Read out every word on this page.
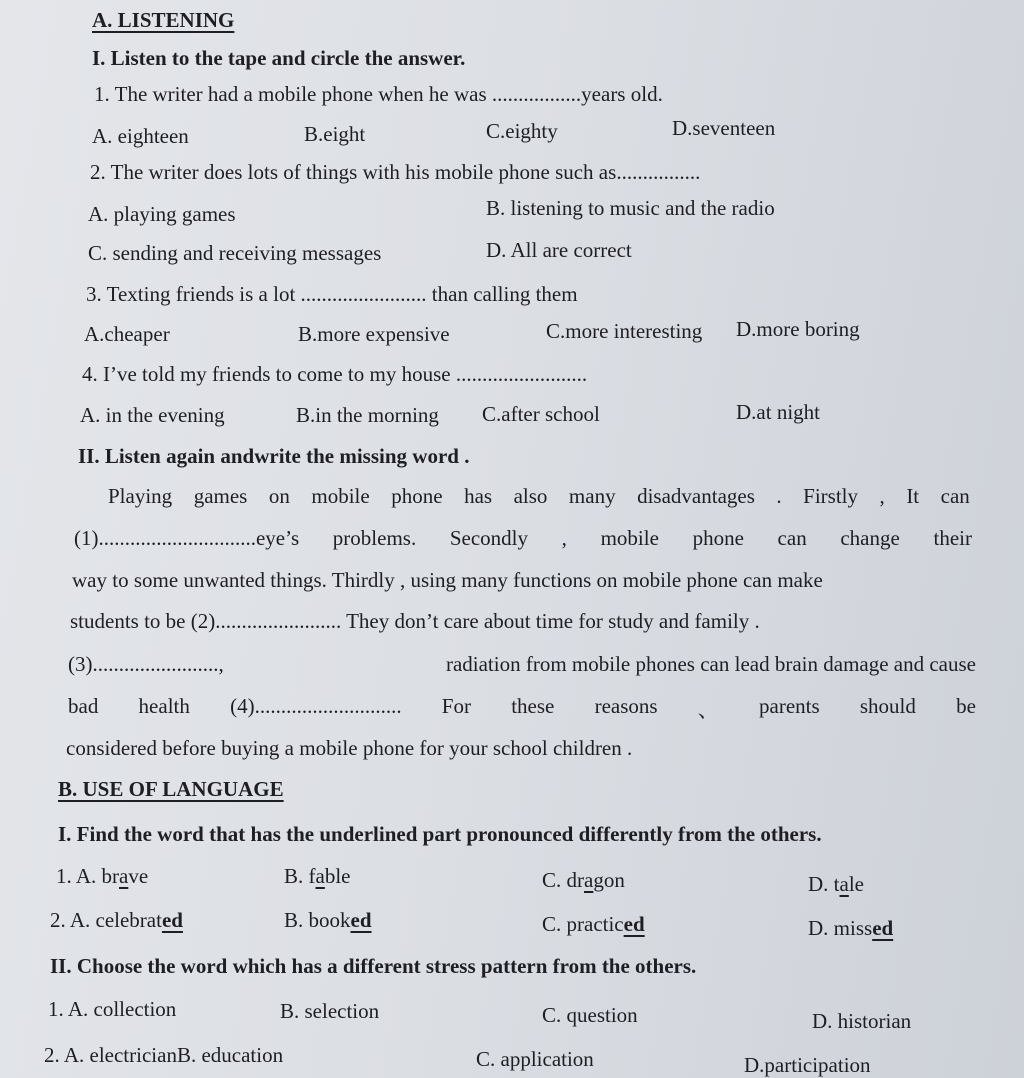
A. LISTENING
I. Listen to the tape and circle the answer.
1. The writer had a mobile phone when he was .................years old.
A. eighteen	B.eight	C.eighty	D.seventeen
2. The writer does lots of things with his mobile phone such as................
A. playing games	B. listening to music and the radio
C. sending and receiving messages	D. All are correct
3. Texting friends is a lot ........................ than calling them
A.cheaper	B.more expensive	C.more interesting D.more boring
4. I’ve told my friends to come to my house .........................
A. in the evening	B.in the morning C.after school	D.at night
II. Listen again andwrite the missing word .
Playing games on mobile phone has also many disadvantages . Firstly , It can
(1)..............................eye’s problems. Secondly , mobile phone can change their
way to some unwanted things. Thirdly , using many functions on mobile phone can make
students to be (2)........................ They don’t care about time for study and family .
(3)........................,	radiation from mobile phones can lead brain damage and cause
bad health (4)............................ For these reasons 、 parents should be
considered before buying a mobile phone for your school children .
B. USE OF LANGUAGE
I. Find the word that has the underlined part pronounced differently from the others.
1. A. brave	B. fable	C. dragon	D. tale
2. A. celebrated	B. booked	C. practiced	D. missed
II. Choose the word which has a different stress pattern from the others.
1. A. collection	B. selection	C. question	D. historian
2. A. electricianB. education	C. application	D.participation
